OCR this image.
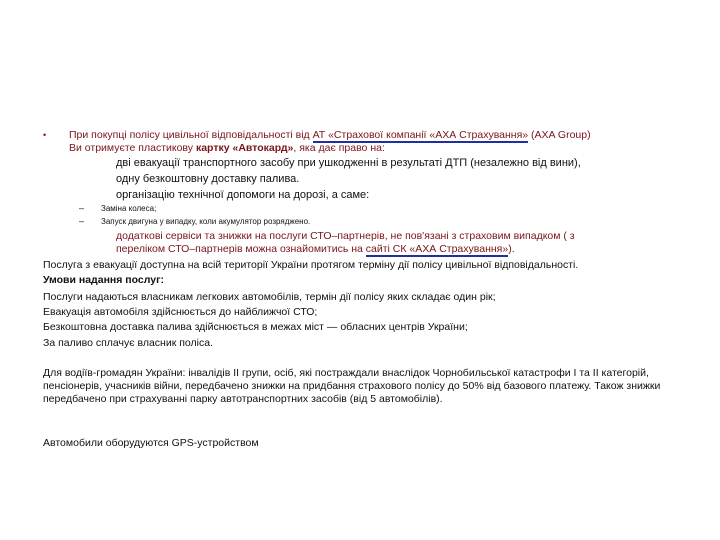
• При покупці полісу цивільної відповідальності від АТ «Страхової компанії «АХА Страхування» (AXA Group)
Ви отримуєте пластикову картку «Автокард», яка дає право на:
дві евакуації транспортного засобу при ушкодженні в результаті ДТП (незалежно від вини),
одну безкоштовну доставку палива.
організацію технічної допомоги на дорозі, а саме:
– Заміна колеса;
– Запуск двигуна у випадку, коли акумулятор розряджено.
додаткові сервіси та знижки на послуги СТО–партнерів, не пов'язані з страховим випадком ( з
переліком СТО–партнерів можна ознайомитись на сайті СК «АХА Страхування»).
Послуга з евакуації доступна на всій території України протягом терміну дії полісу цивільної відповідальності.
Умови надання послуг:
Послуги надаються власникам легкових автомобілів, термін дії полісу яких складає один рік;
Евакуація автомобіля здійснюється до найближчої СТО;
Безкоштовна доставка палива здійснюється в межах міст — обласних центрів України;
За паливо сплачує власник поліса.
Для водіїв-громадян України: інвалідів II групи, осіб, які постраждали внаслідок Чорнобильської катастрофи I та II категорій, пенсіонерів, учасників війни, передбачено знижки на придбання страхового полісу до 50% від базового платежу. Також знижки передбачено при страхуванні парку автотранспортних засобів (від 5 автомобілів).
Автомобили оборудуются GPS-устройством
